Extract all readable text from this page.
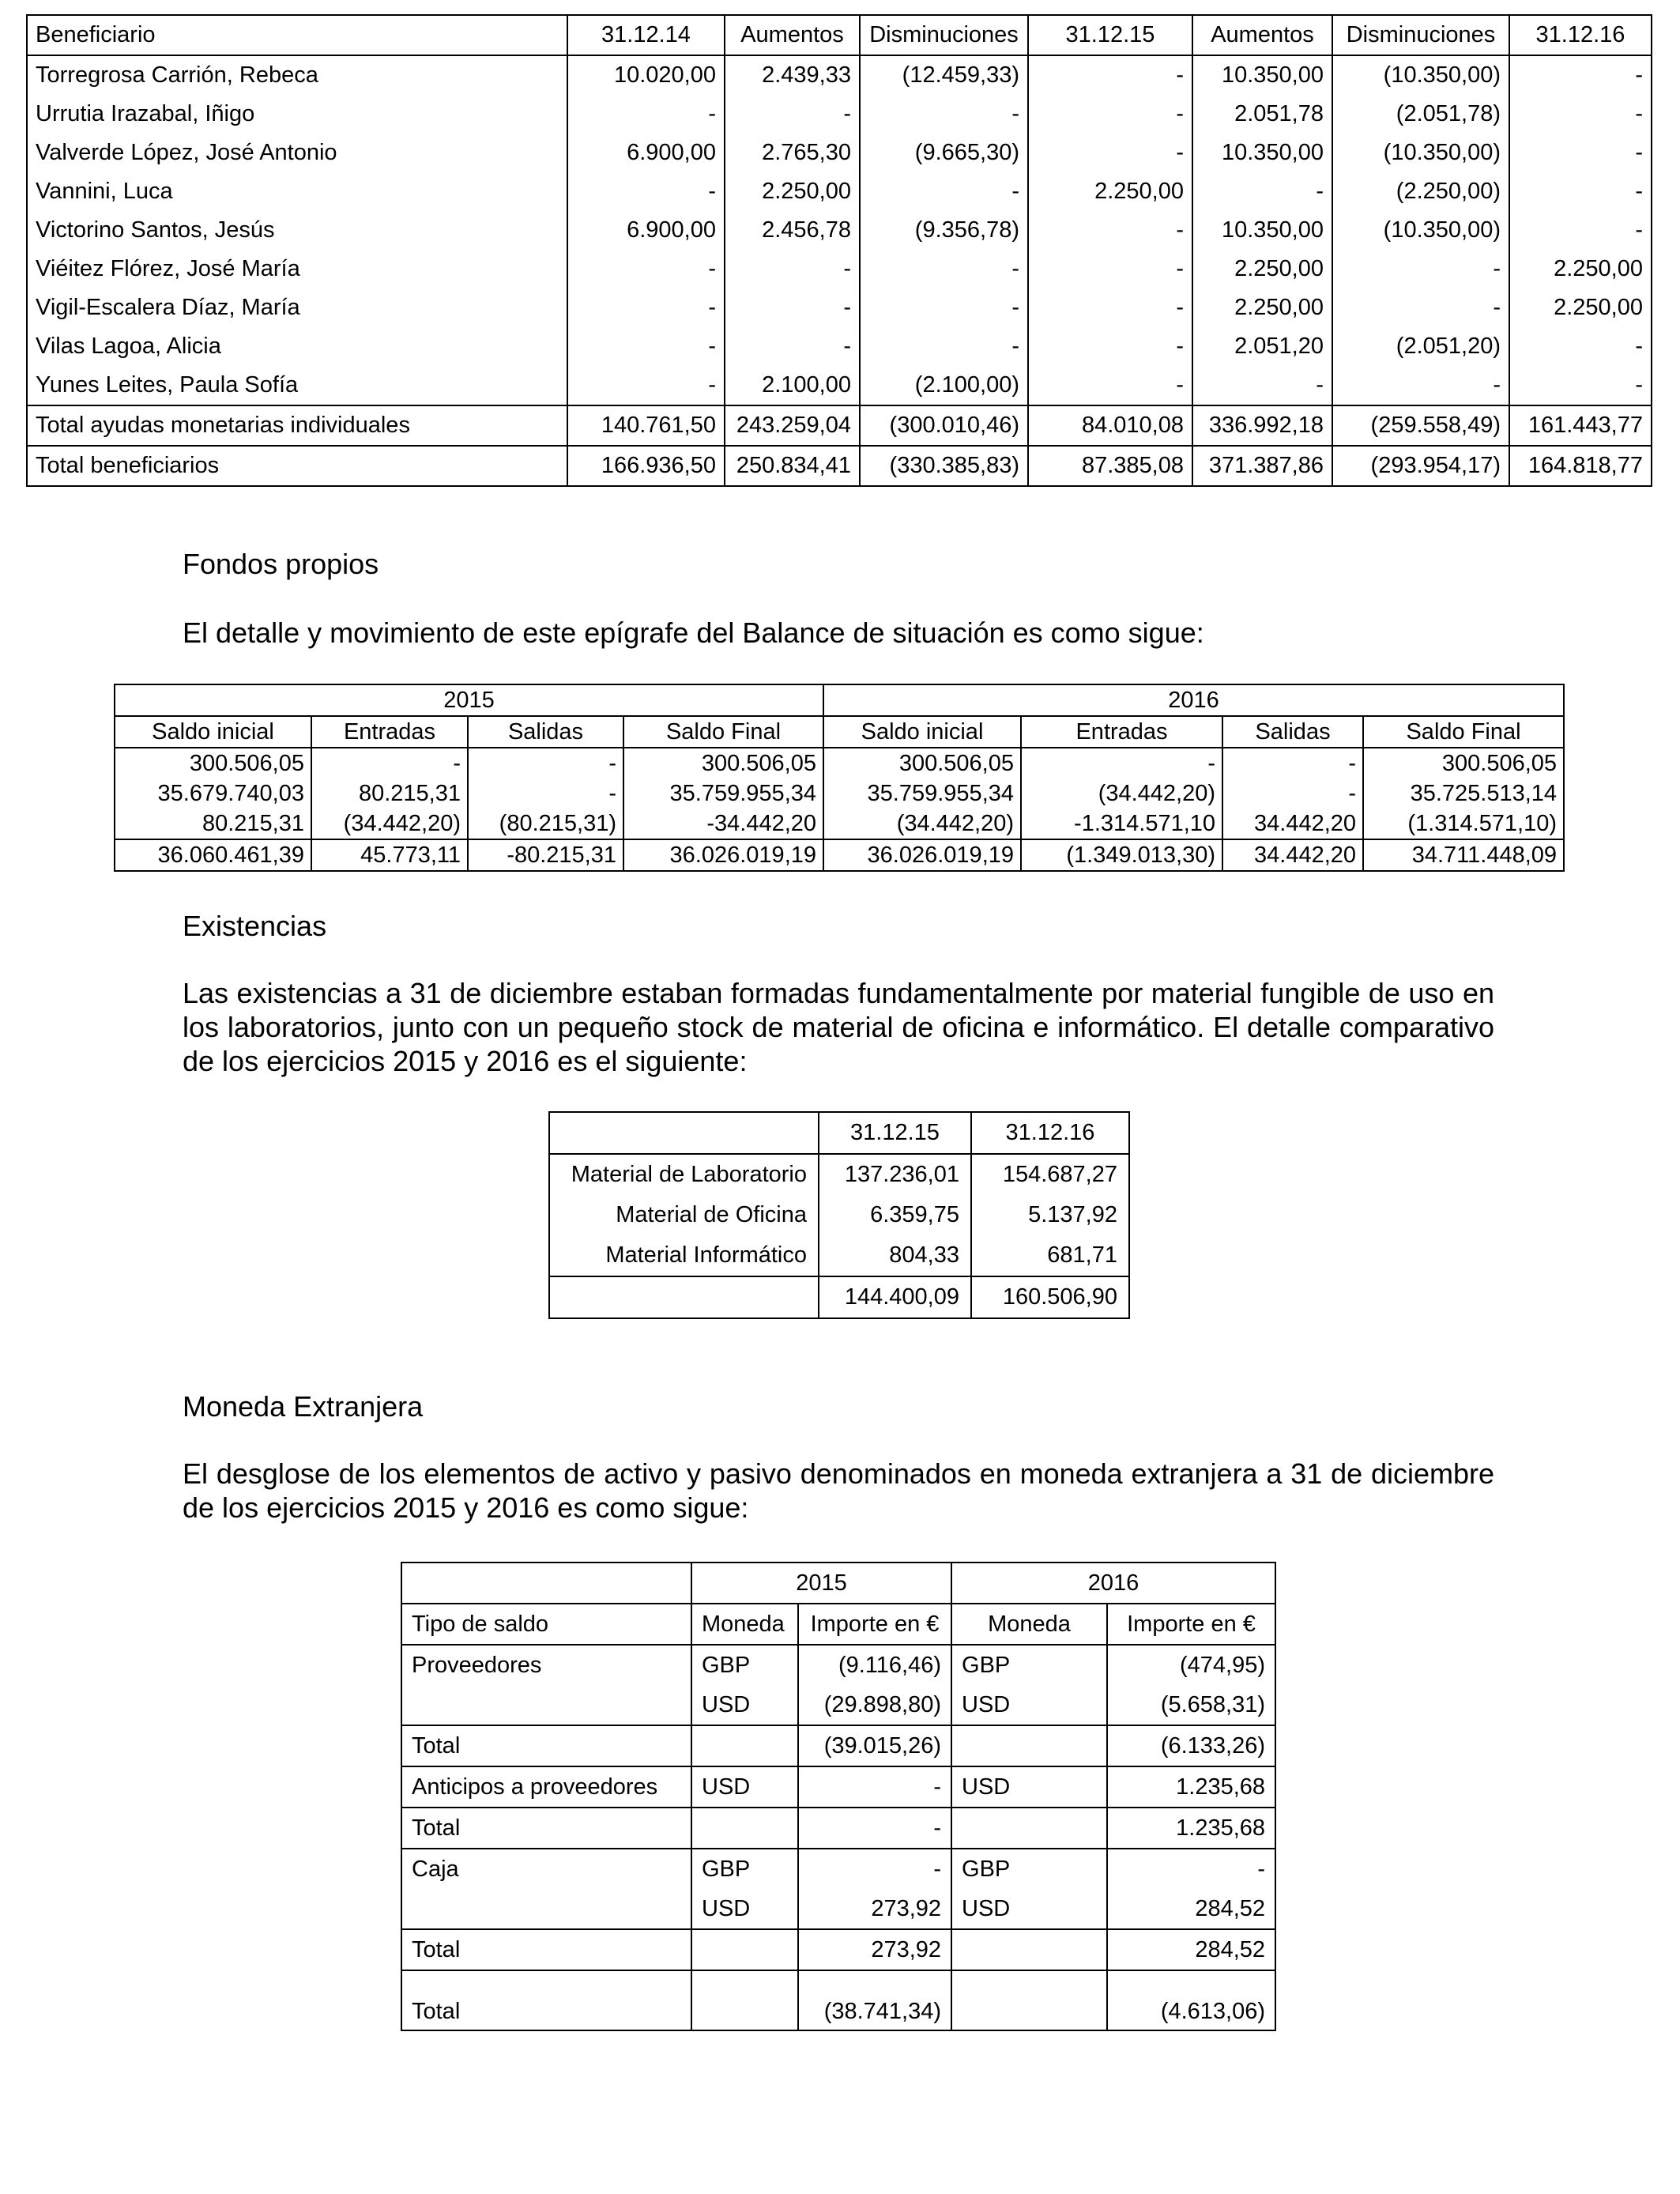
Beneficiario	31.12.14	Aumentos	Disminuciones	31.12.15	Aumentos	Disminuciones	31.12.16
Torregrosa Carrión, Rebeca	10.020,00	2.439,33	(12.459,33)	-	10.350,00	(10.350,00)	-
Urrutia Irazabal, Iñigo	-	-	-	-	2.051,78	(2.051,78)	-
Valverde López, José Antonio	6.900,00	2.765,30	(9.665,30)	-	10.350,00	(10.350,00)	-
Vannini, Luca	-	2.250,00	-	2.250,00	-	(2.250,00)	-
Victorino Santos, Jesús	6.900,00	2.456,78	(9.356,78)	-	10.350,00	(10.350,00)	-
Viéitez Flórez, José María	-	-	-	-	2.250,00	-	2.250,00
Vigil-Escalera Díaz, María	-	-	-	-	2.250,00	-	2.250,00
Vilas Lagoa, Alicia	-	-	-	-	2.051,20	(2.051,20)	-
Yunes Leites, Paula Sofía	-	2.100,00	(2.100,00)	-	-	-	-
Total ayudas monetarias individuales	140.761,50	243.259,04	(300.010,46)	84.010,08	336.992,18	(259.558,49)	161.443,77
Total beneficiarios	166.936,50	250.834,41	(330.385,83)	87.385,08	371.387,86	(293.954,17)	164.818,77
Fondos propios
El detalle y movimiento de este epígrafe del Balance de situación es como sigue:
2015				2016			
Saldo inicial	Entradas	Salidas	Saldo Final	Saldo inicial	Entradas	Salidas	Saldo Final
300.506,05	-	-	300.506,05	300.506,05	-	-	300.506,05
35.679.740,03	80.215,31	-	35.759.955,34	35.759.955,34	(34.442,20)	-	35.725.513,14
80.215,31	(34.442,20)	(80.215,31)	-34.442,20	(34.442,20)	-1.314.571,10	34.442,20	(1.314.571,10)
36.060.461,39	45.773,11	-80.215,31	36.026.019,19	36.026.019,19	(1.349.013,30)	34.442,20	34.711.448,09
Existencias
Las existencias a 31 de diciembre estaban formadas fundamentalmente por material fungible de uso en los laboratorios, junto con un pequeño stock de material de oficina e informático. El detalle comparativo de los ejercicios 2015 y 2016 es el siguiente:
	31.12.15	31.12.16
Material de Laboratorio	137.236,01	154.687,27
Material de Oficina	6.359,75	5.137,92
Material Informático	804,33	681,71
	144.400,09	160.506,90
Moneda Extranjera
El desglose de los elementos de activo y pasivo denominados en moneda extranjera a 31 de diciembre de los ejercicios 2015 y 2016 es como sigue:
	2015		2016	
Tipo de saldo	Moneda	Importe en €	Moneda	Importe en €
Proveedores	GBP	(9.116,46)	GBP	(474,95)
	USD	(29.898,80)	USD	(5.658,31)
Total		(39.015,26)		(6.133,26)
Anticipos a proveedores	USD	-	USD	1.235,68
Total		-		1.235,68
Caja	GBP	-	GBP	-
	USD	273,92	USD	284,52
Total		273,92		284,52
Total		(38.741,34)		(4.613,06)
